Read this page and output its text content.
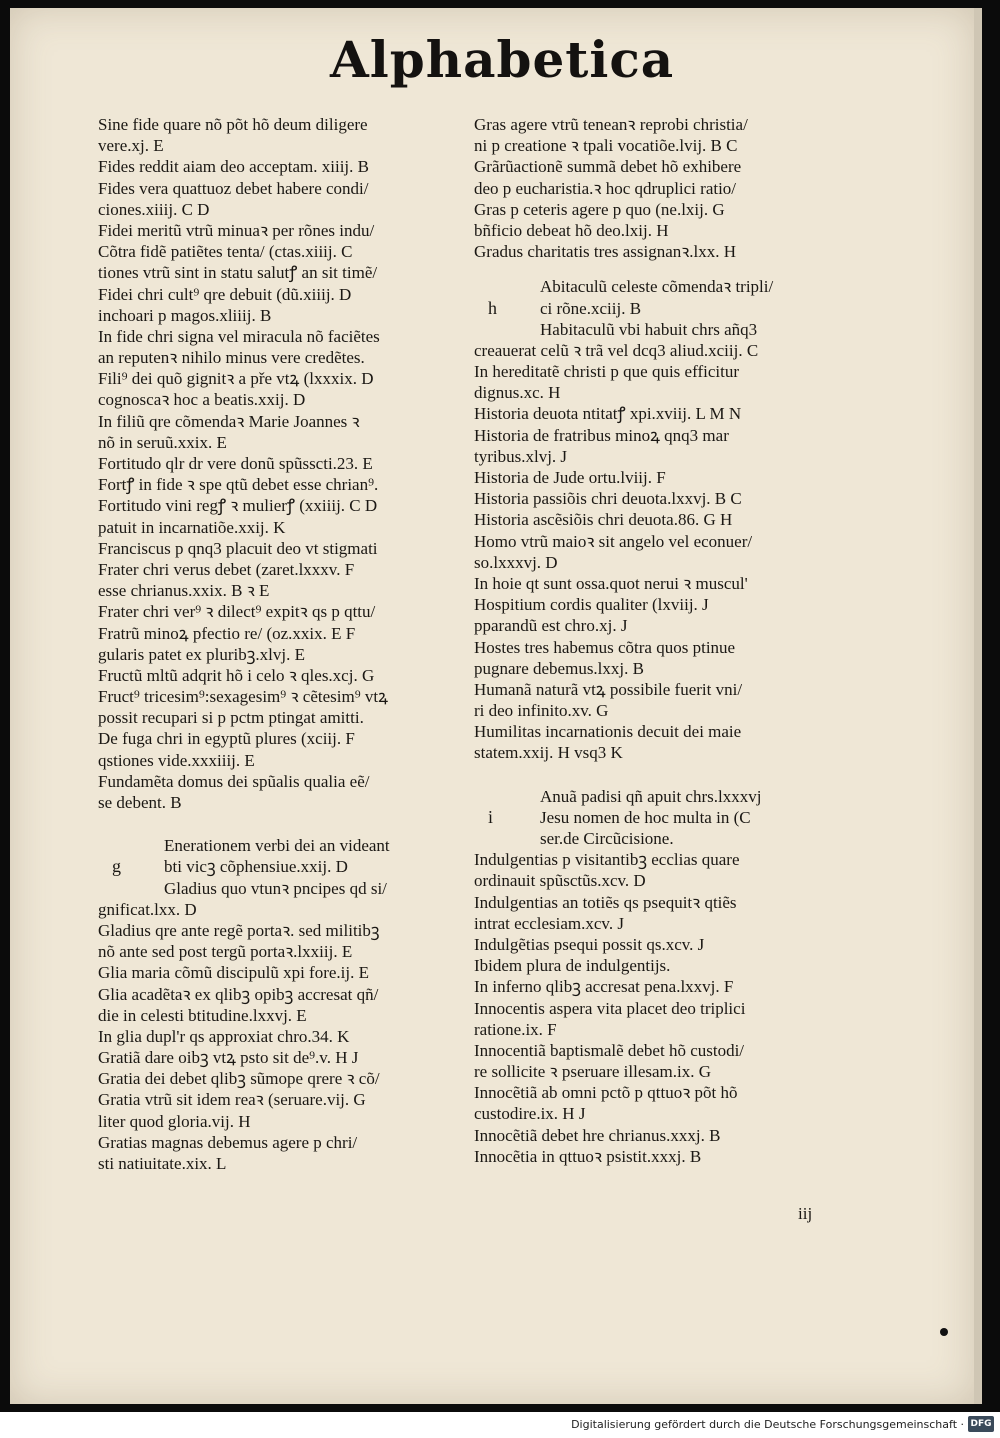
Alphabetica
Sine fide quare nõ põt hõ deum diligere
vere.xj. E
Fides reddit aiam deo acceptam. xiiij. B
Fides vera quattuoz debet habere condi/
ciones.xiiij. C D
Fidei meritũ vtrũ minuaꝛ per rõnes indu/
Cõtra fidẽ patiẽtes tenta/ (ctas.xiiij. C
tiones vtrũ sint in statu salutꝭ an sit timẽ/
Fidei chri cult⁹ qre debuit (dũ.xiiij. D
inchoari p magos.xliiij. B
In fide chri signa vel miracula nõ faciẽtes
an reputenꝛ nihilo minus vere credẽtes.
Fili⁹ dei quõ gignitꝛ a pře vtꝝ (lxxxix. D
cognoscaꝛ hoc a beatis.xxij. D
In filiũ qre cõmendaꝛ Marie Joannes ꝛ
nõ in seruũ.xxix. E
Fortitudo qlr dr vere donũ spũsscti.23. E
Fortꝭ in fide ꝛ spe qtũ debet esse chrian⁹.
Fortitudo vini regꝭ ꝛ mulierꝭ (xxiiij. C D
patuit in incarnatiõe.xxij. K
Franciscus p qnq3 placuit deo vt stigmati
Frater chri verus debet (zaret.lxxxv. F
esse chrianus.xxix. B ꝛ E
Frater chri ver⁹ ꝛ dilect⁹ expitꝛ qs p qttu/
Fratrũ minoꝝ pfectio re/ (oz.xxix. E F
gularis patet ex pluribꝫ.xlvj. E
Fructũ mltũ adqrit hõ i celo ꝛ qles.xcj. G
Fruct⁹ tricesim⁹:sexagesim⁹ ꝛ cẽtesim⁹ vtꝝ
possit recupari si p pctm ptingat amitti.
De fuga chri in egyptũ plures (xciij. F
qstiones vide.xxxiiij. E
Fundamẽta domus dei spũalis qualia eẽ/
se debent. B
Enerationem verbi dei an videant
g	bti vicꝫ cõphensiue.xxij. D
Gladius quo vtunꝛ pncipes qd si/
gnificat.lxx. D
Gladius qre ante regẽ portaꝛ. sed militibꝫ
nõ ante sed post tergũ portaꝛ.lxxiij. E
Glia maria cõmũ discipulũ xpi fore.ij. E
Glia acadẽtaꝛ ex qlibꝫ opibꝫ accresat qñ/
die in celesti btitudine.lxxvj. E
In glia dupl'r qs approxiat chro.34. K
Gratiã dare oibꝫ vtꝝ psto sit de⁹.v. H J
Gratia dei debet qlibꝫ sũmope qrere ꝛ cõ/
Gratia vtrũ sit idem reaꝛ (seruare.vij. G
liter quod gloria.vij. H
Gratias magnas debemus agere p chri/
sti natiuitate.xix. L
Gras agere vtrũ teneanꝛ reprobi christia/
ni p creatione ꝛ tpali vocatiõe.lvij. B C
Grãrũactionẽ summã debet hõ exhibere
deo p eucharistia.ꝛ hoc qdruplici ratio/
Gras p ceteris agere p quo (ne.lxij. G
bñficio debeat hõ deo.lxij. H
Gradus charitatis tres assignanꝛ.lxx. H
Abitaculũ celeste cõmendaꝛ tripli/
h	ci rõne.xciij. B
Habitaculũ vbi habuit chrs añq3
creauerat celũ ꝛ trã vel dcq3 aliud.xciij. C
In hereditatẽ christi p que quis efficitur
dignus.xc. H
Historia deuota ntitatꝭ xpi.xviij. L M N
Historia de fratribus minoꝝ qnq3 mar
tyribus.xlvj. J
Historia de Jude ortu.lviij. F
Historia passiõis chri deuota.lxxvj. B C
Historia ascẽsiõis chri deuota.86. G H
Homo vtrũ maioꝛ sit angelo vel econuer/
so.lxxxvj. D
In hoie qt sunt ossa.quot nerui ꝛ muscul'
Hospitium cordis qualiter (lxviij. J
pparandũ est chro.xj. J
Hostes tres habemus cõtra quos ptinue
pugnare debemus.lxxj. B
Humanã naturã vtꝝ possibile fuerit vni/
ri deo infinito.xv. G
Humilitas incarnationis decuit dei maie
statem.xxij. H vsq3 K
Anuã padisi qñ apuit chrs.lxxxvj
i	Jesu nomen de hoc multa in (C
ser.de Circũcisione.
Indulgentias p visitantibꝫ ecclias quare
ordinauit spũsctũs.xcv. D
Indulgentias an totiẽs qs psequitꝛ qtiẽs
intrat ecclesiam.xcv. J
Indulgẽtias psequi possit qs.xcv. J
Ibidem plura de indulgentijs.
In inferno qlibꝫ accresat pena.lxxvj. F
Innocentis aspera vita placet deo triplici
ratione.ix. F
Innocentiã baptismalẽ debet hõ custodi/
re sollicite ꝛ pseruare illesam.ix. G
Innocẽtiã ab omni pctõ p qttuoꝛ põt hõ
custodire.ix. H J
Innocẽtiã debet hre chrianus.xxxj. B
Innocẽtia in qttuoꝛ psistit.xxxj. B
iij
Digitalisierung gefördert durch die Deutsche Forschungsgemeinschaft · DFG
